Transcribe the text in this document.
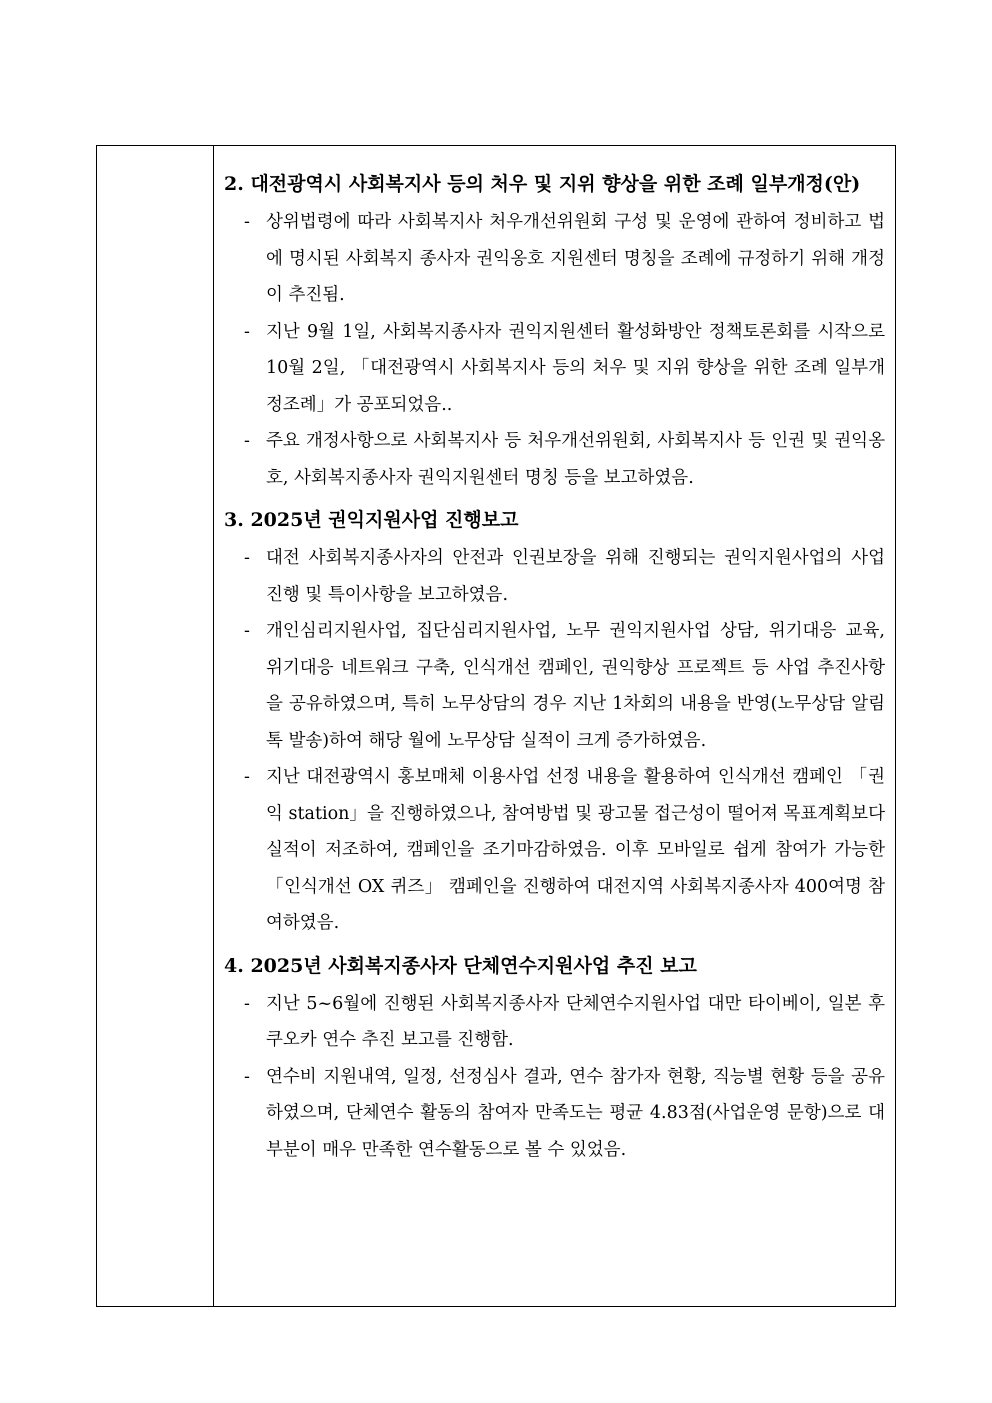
2. 대전광역시 사회복지사 등의 처우 및 지위 향상을 위한 조례 일부개정(안)

- 상위법령에 따라 사회복지사 처우개선위원회 구성 및 운영에 관하여 정비하고 법에 명시된 사회복지 종사자 권익옹호 지원센터 명칭을 조례에 규정하기 위해 개정이 추진됨.

- 지난 9월 1일, 사회복지종사자 권익지원센터 활성화방안 정책토론회를 시작으로 10월 2일, 「대전광역시 사회복지사 등의 처우 및 지위 향상을 위한 조례 일부개정조례」가 공포되었음..

- 주요 개정사항으로 사회복지사 등 처우개선위원회, 사회복지사 등 인권 및 권익옹호, 사회복지종사자 권익지원센터 명칭 등을 보고하였음.

3. 2025년 권익지원사업 진행보고

- 대전 사회복지종사자의 안전과 인권보장을 위해 진행되는 권익지원사업의 사업 진행 및 특이사항을 보고하였음.

- 개인심리지원사업, 집단심리지원사업, 노무 권익지원사업 상담, 위기대응 교육, 위기대응 네트워크 구축, 인식개선 캠페인, 권익향상 프로젝트 등 사업 추진사항을 공유하였으며, 특히 노무상담의 경우 지난 1차회의 내용을 반영(노무상담 알림톡 발송)하여 해당 월에 노무상담 실적이 크게 증가하였음.

- 지난 대전광역시 홍보매체 이용사업 선정 내용을 활용하여 인식개선 캠페인 「권익 station」을 진행하였으나, 참여방법 및 광고물 접근성이 떨어져 목표계획보다 실적이 저조하여, 캠페인을 조기마감하였음. 이후 모바일로 쉽게 참여가 가능한 「인식개선 OX 퀴즈」 캠페인을 진행하여 대전지역 사회복지종사자 400여명 참여하였음.

4. 2025년 사회복지종사자 단체연수지원사업 추진 보고

- 지난 5~6월에 진행된 사회복지종사자 단체연수지원사업 대만 타이베이, 일본 후쿠오카 연수 추진 보고를 진행함.

- 연수비 지원내역, 일정, 선정심사 결과, 연수 참가자 현황, 직능별 현황 등을 공유하였으며, 단체연수 활동의 참여자 만족도는 평균 4.83점(사업운영 문항)으로 대부분이 매우 만족한 연수활동으로 볼 수 있었음.
